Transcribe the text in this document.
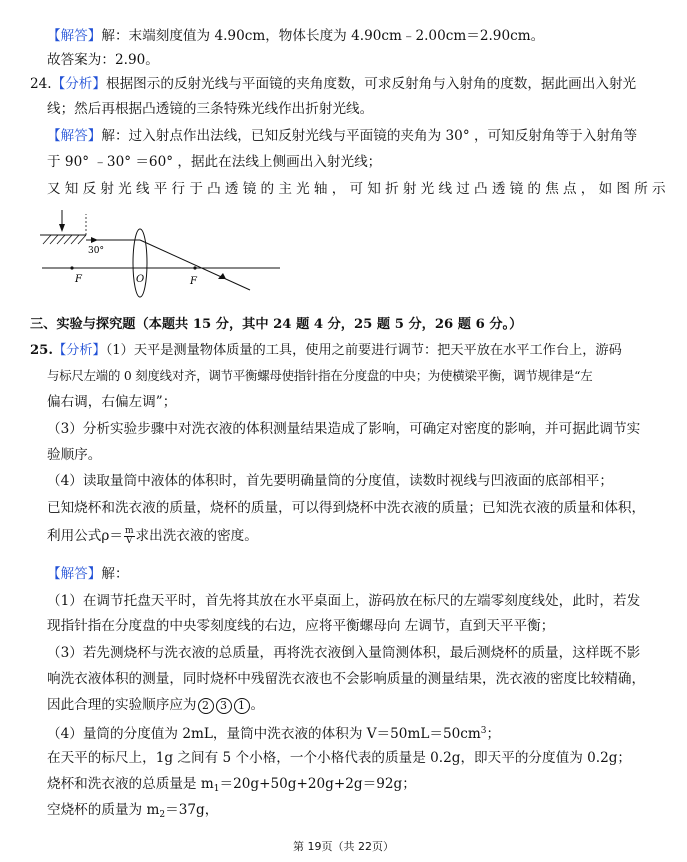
【解答】解：末端刻度值为 4.90cm，物体长度为 4.90cm﹣2.00cm＝2.90cm。
故答案为：2.90。
24.【分析】根据图示的反射光线与平面镜的夹角度数，可求反射角与入射角的度数，据此画出入射光
线；然后再根据凸透镜的三条特殊光线作出折射光线。
【解答】解：过入射点作出法线，已知反射光线与平面镜的夹角为 30° ，可知反射角等于入射角等
于 90° ﹣30° ＝60° ，据此在法线上侧画出入射光线；
又知反射光线平行于凸透镜的主光轴，可知折射光线过凸透镜的焦点，如图所示
30°
F	O	F
三、实验与探究题（本题共 15 分，其中 24 题 4 分，25 题 5 分，26 题 6 分。）
25.【分析】（1）天平是测量物体质量的工具，使用之前要进行调节：把天平放在水平工作台上，游码
与标尺左端的 0 刻度线对齐，调节平衡螺母使指针指在分度盘的中央；为使横梁平衡，调节规律是“左
偏右调，右偏左调”；
（3）分析实验步骤中对洗衣液的体积测量结果造成了影响，可确定对密度的影响，并可据此调节实
验顺序。
（4）读取量筒中液体的体积时，首先要明确量筒的分度值，读数时视线与凹液面的底部相平；
已知烧杯和洗衣液的质量，烧杯的质量，可以得到烧杯中洗衣液的质量；已知洗衣液的质量和体积，
利用公式$\rho= \frac{m}{V}$ 求出洗衣液的密度。
【解答】解：
（1）在调节托盘天平时，首先将其放在水平桌面上，游码放在标尺的左端零刻度线处，此时，若发
现指针指在分度盘的中央零刻度线的右边，应将平衡螺母向 左调节，直到天平平衡；
（3）若先测烧杯与洗衣液的总质量，再将洗衣液倒入量筒测体积，最后测烧杯的质量，这样既不影
响洗衣液体积的测量，同时烧杯中残留洗衣液也不会影响质量的测量结果，洗衣液的密度比较精确，
因此合理的实验顺序应为 2 3 1 。
（4）量筒的分度值为 2mL，量筒中洗衣液的体积为 $V=50mL=50cm^3$；
在天平的标尺上，1g 之间有 5 个小格，一个小格代表的质量是 0.2g，即天平的分度值为 0.2g；
烧杯和洗衣液的总质量是 $m_1=20g+50g+20g+2g=92g$；
空烧杯的质量为 $m_2=37g$，
第 19页（共 22页）
